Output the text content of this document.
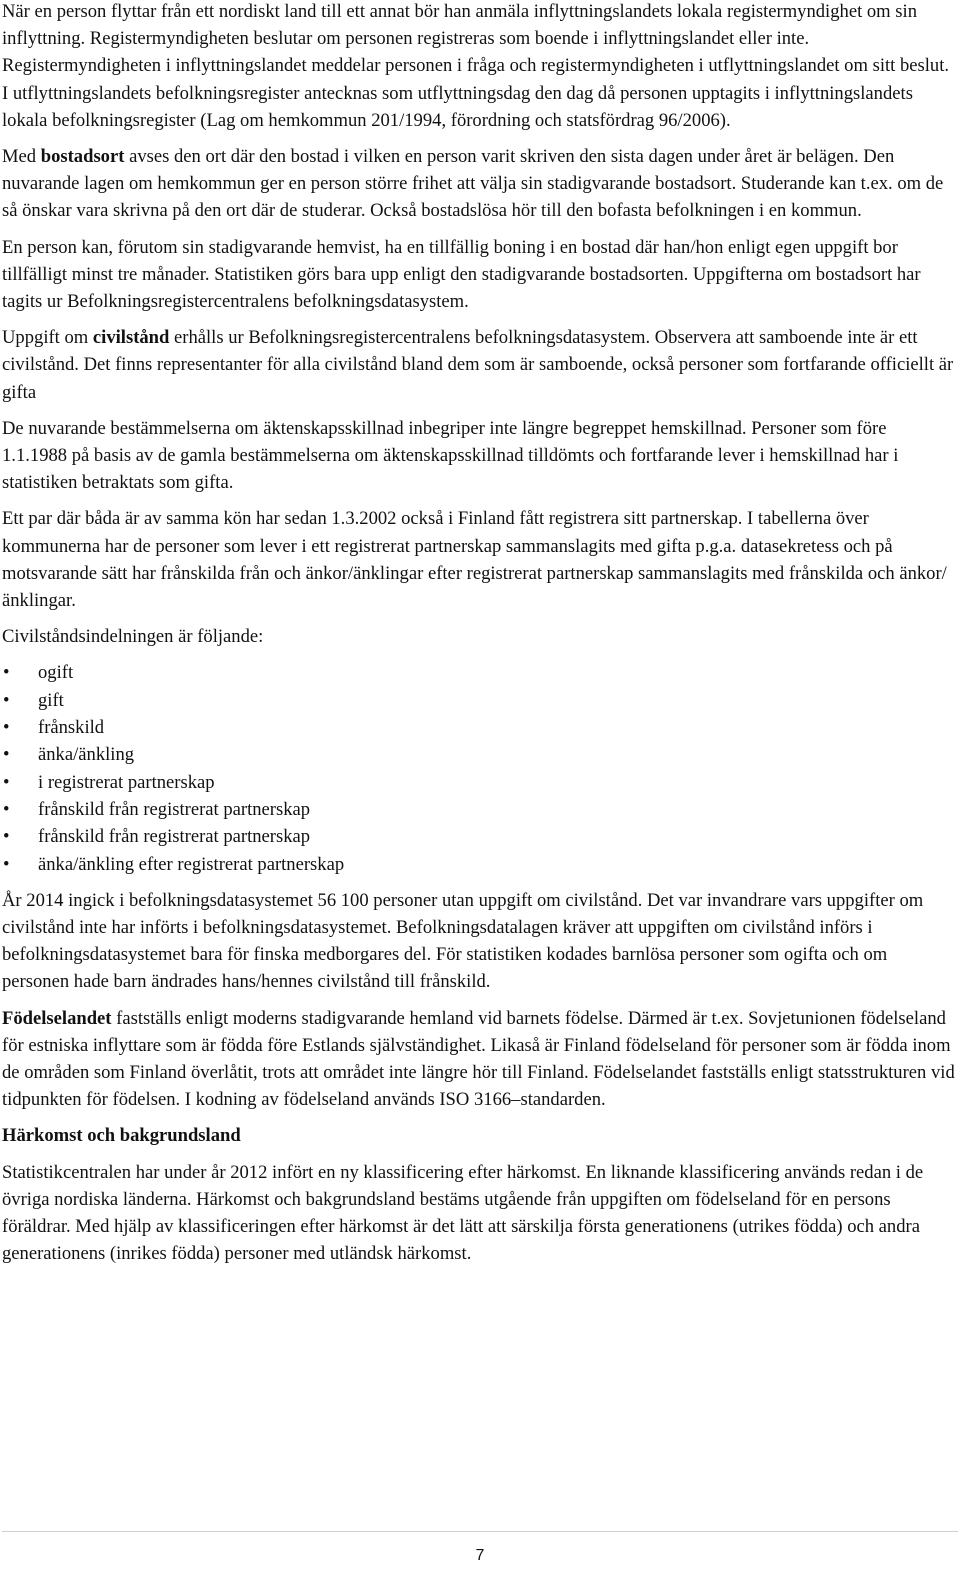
När en person flyttar från ett nordiskt land till ett annat bör han anmäla inflyttningslandets lokala registermyndighet om sin inflyttning. Registermyndigheten beslutar om personen registreras som boende i inflyttningslandet eller inte. Registermyndigheten i inflyttningslandet meddelar personen i fråga och registermyndigheten i utflyttningslandet om sitt beslut. I utflyttningslandets befolkningsregister antecknas som utflyttningsdag den dag då personen upptagits i inflyttningslandets lokala befolkningsregister (Lag om hemkommun 201/1994, förordning och statsfördrag 96/2006).

Med bostadsort avses den ort där den bostad i vilken en person varit skriven den sista dagen under året är belägen. Den nuvarande lagen om hemkommun ger en person större frihet att välja sin stadigvarande bostadsort. Studerande kan t.ex. om de så önskar vara skrivna på den ort där de studerar. Också bostadslösa hör till den bofasta befolkningen i en kommun.

En person kan, förutom sin stadigvarande hemvist, ha en tillfällig boning i en bostad där han/hon enligt egen uppgift bor tillfälligt minst tre månader. Statistiken görs bara upp enligt den stadigvarande bostadsorten. Uppgifterna om bostadsort har tagits ur Befolkningsregistercentralens befolkningsdatasystem.

Uppgift om civilstånd erhålls ur Befolkningsregistercentralens befolkningsdatasystem. Observera att samboende inte är ett civilstånd. Det finns representanter för alla civilstånd bland dem som är samboende, också personer som fortfarande officiellt är gifta

De nuvarande bestämmelserna om äktenskapsskillnad inbegriper inte längre begreppet hemskillnad. Personer som före 1.1.1988 på basis av de gamla bestämmelserna om äktenskapsskillnad tilldömts och fortfarande lever i hemskillnad har i statistiken betraktats som gifta.

Ett par där båda är av samma kön har sedan 1.3.2002 också i Finland fått registrera sitt partnerskap. I tabellerna över kommunerna har de personer som lever i ett registrerat partnerskap sammanslagits med gifta p.g.a. datasekretess och på motsvarande sätt har frånskilda från och änkor/änklingar efter registrerat partnerskap sammanslagits med frånskilda och änkor/änklingar.

Civilståndsindelningen är följande:

• ogift
• gift
• frånskild
• änka/änkling
• i registrerat partnerskap
• frånskild från registrerat partnerskap
• frånskild från registrerat partnerskap
• änka/änkling efter registrerat partnerskap

År 2014 ingick i befolkningsdatasystemet 56 100 personer utan uppgift om civilstånd. Det var invandrare vars uppgifter om civilstånd inte har införts i befolkningsdatasystemet. Befolkningsdatalagen kräver att uppgiften om civilstånd införs i befolkningsdatasystemet bara för finska medborgares del. För statistiken kodades barnlösa personer som ogifta och om personen hade barn ändrades hans/hennes civilstånd till frånskild.

Födelselandet fastställs enligt moderns stadigvarande hemland vid barnets födelse. Därmed är t.ex. Sovjetunionen födelseland för estniska inflyttare som är födda före Estlands självständighet. Likaså är Finland födelseland för personer som är födda inom de områden som Finland överlåtit, trots att området inte längre hör till Finland. Födelselandet fastställs enligt statsstrukturen vid tidpunkten för födelsen. I kodning av födelseland används ISO 3166–standarden.

Härkomst och bakgrundsland

Statistikcentralen har under år 2012 infört en ny klassificering efter härkomst. En liknande klassificering används redan i de övriga nordiska länderna. Härkomst och bakgrundsland bestäms utgående från uppgiften om födelseland för en persons föräldrar. Med hjälp av klassificeringen efter härkomst är det lätt att särskilja första generationens (utrikes födda) och andra generationens (inrikes födda) personer med utländsk härkomst.

7
